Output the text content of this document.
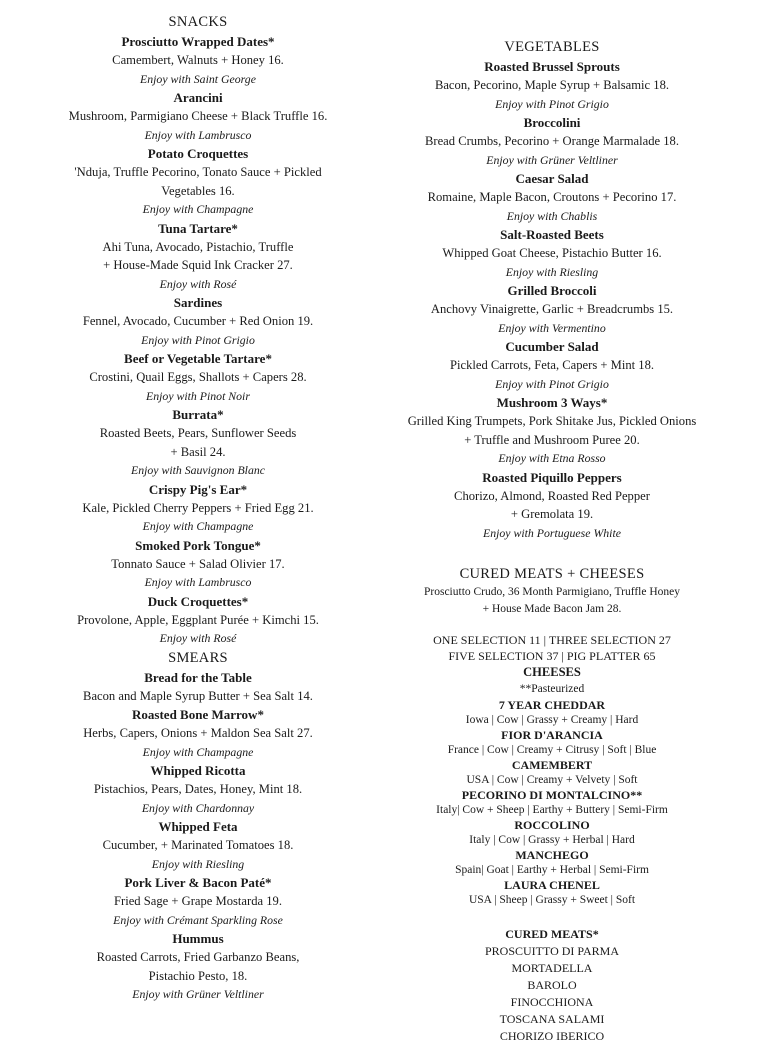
SNACKS
Prosciutto Wrapped Dates*
Camembert, Walnuts + Honey 16.
Enjoy with Saint George
Arancini
Mushroom, Parmigiano Cheese + Black Truffle 16.
Enjoy with Lambrusco
Potato Croquettes
'Nduja, Truffle Pecorino, Tonato Sauce + Pickled
Vegetables 16.
Enjoy with Champagne
Tuna Tartare*
Ahi Tuna, Avocado, Pistachio, Truffle
+ House-Made Squid Ink Cracker 27.
Enjoy with Rosé
Sardines
Fennel, Avocado, Cucumber + Red Onion 19.
Enjoy with Pinot Grigio
Beef or Vegetable Tartare*
Crostini, Quail Eggs, Shallots + Capers 28.
Enjoy with Pinot Noir
Burrata*
Roasted Beets, Pears, Sunflower Seeds
+ Basil 24.
Enjoy with Sauvignon Blanc
Crispy Pig's Ear*
Kale, Pickled Cherry Peppers + Fried Egg 21.
Enjoy with Champagne
Smoked Pork Tongue*
Tonnato Sauce + Salad Olivier 17.
Enjoy with Lambrusco
Duck Croquettes*
Provolone, Apple, Eggplant Purée + Kimchi 15.
Enjoy with Rosé
SMEARS
Bread for the Table
Bacon and Maple Syrup Butter + Sea Salt 14.
Roasted Bone Marrow*
Herbs, Capers, Onions + Maldon Sea Salt 27.
Enjoy with Champagne
Whipped Ricotta
Pistachios, Pears, Dates, Honey, Mint 18.
Enjoy with Chardonnay
Whipped Feta
Cucumber, + Marinated Tomatoes 18.
Enjoy with Riesling
Pork Liver & Bacon Paté*
Fried Sage + Grape Mostarda 19.
Enjoy with Crémant Sparkling Rose
Hummus
Roasted Carrots, Fried Garbanzo Beans,
Pistachio Pesto, 18.
Enjoy with Grüner Veltliner
VEGETABLES
Roasted Brussel Sprouts
Bacon, Pecorino, Maple Syrup + Balsamic 18.
Enjoy with Pinot Grigio
Broccolini
Bread Crumbs, Pecorino + Orange Marmalade 18.
Enjoy with Grüner Veltliner
Caesar Salad
Romaine, Maple Bacon, Croutons + Pecorino 17.
Enjoy with Chablis
Salt-Roasted Beets
Whipped Goat Cheese, Pistachio Butter 16.
Enjoy with Riesling
Grilled Broccoli
Anchovy Vinaigrette, Garlic + Breadcrumbs 15.
Enjoy with Vermentino
Cucumber Salad
Pickled Carrots, Feta, Capers + Mint 18.
Enjoy with Pinot Grigio
Mushroom 3 Ways*
Grilled King Trumpets, Pork Shitake Jus, Pickled Onions
+ Truffle and Mushroom Puree 20.
Enjoy with Etna Rosso
Roasted Piquillo Peppers
Chorizo, Almond, Roasted Red Pepper
+ Gremolata 19.
Enjoy with Portuguese White
CURED MEATS + CHEESES
Prosciutto Crudo, 36 Month Parmigiano, Truffle Honey
+ House Made Bacon Jam 28.
ONE SELECTION 11 | THREE SELECTION 27
FIVE SELECTION 37 | PIG PLATTER 65
CHEESES
**Pasteurized
7 YEAR CHEDDAR
Iowa | Cow | Grassy + Creamy | Hard
FIOR D'ARANCIA
France | Cow | Creamy + Citrusy | Soft | Blue
CAMEMBERT
USA | Cow | Creamy + Velvety | Soft
PECORINO DI MONTALCINO**
Italy| Cow + Sheep | Earthy + Buttery | Semi-Firm
ROCCOLINO
Italy | Cow | Grassy + Herbal | Hard
MANCHEGO
Spain| Goat | Earthy + Herbal | Semi-Firm
LAURA CHENEL
USA | Sheep | Grassy + Sweet | Soft
CURED MEATS*
PROSCUITTO DI PARMA
MORTADELLA
BAROLO
FINOCCHIONA
TOSCANA SALAMI
CHORIZO IBERICO
